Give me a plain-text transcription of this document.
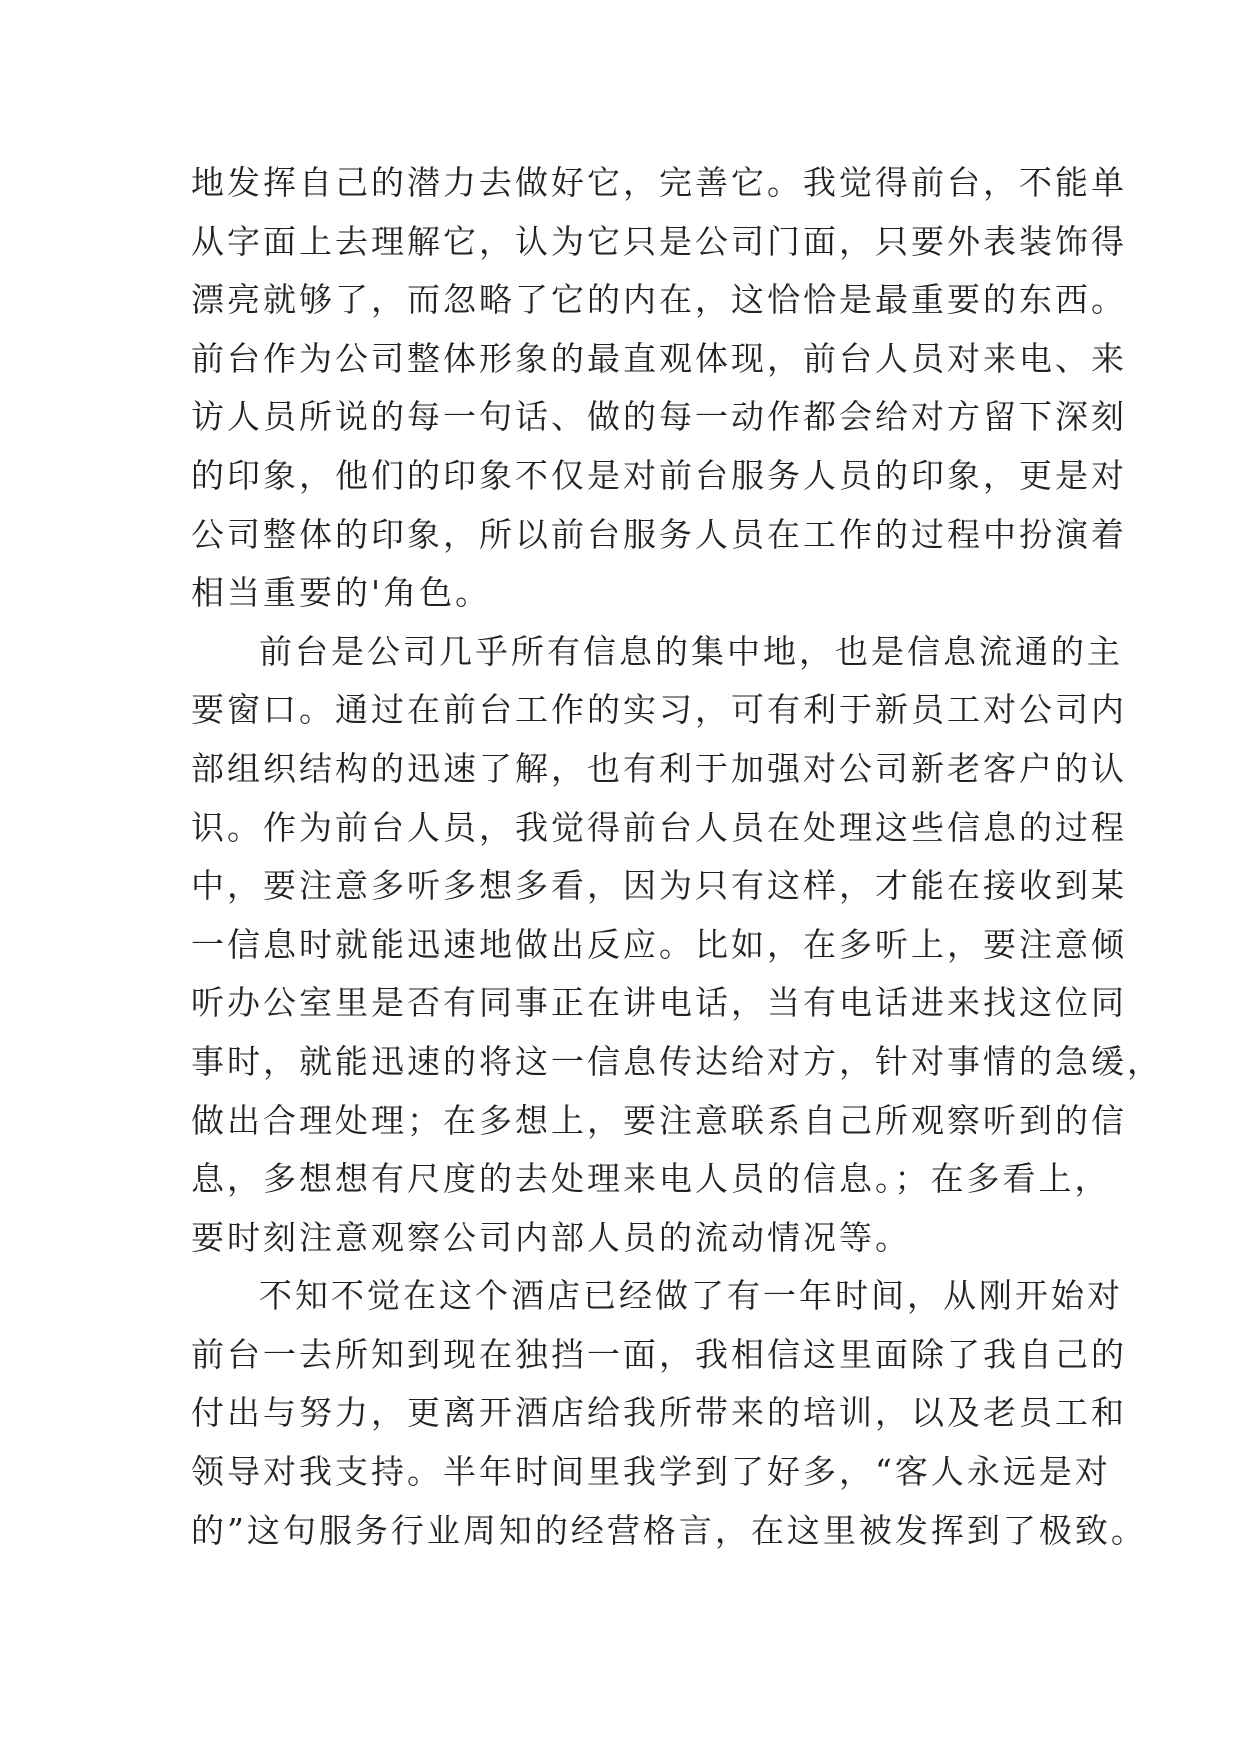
地发挥自己的潜力去做好它，完善它。我觉得前台，不能单
从字面上去理解它，认为它只是公司门面，只要外表装饰得
漂亮就够了，而忽略了它的内在，这恰恰是最重要的东西。
前台作为公司整体形象的最直观体现，前台人员对来电、来
访人员所说的每一句话、做的每一动作都会给对方留下深刻
的印象，他们的印象不仅是对前台服务人员的印象，更是对
公司整体的印象，所以前台服务人员在工作的过程中扮演着
相当重要的'角色。
前台是公司几乎所有信息的集中地，也是信息流通的主
要窗口。通过在前台工作的实习，可有利于新员工对公司内
部组织结构的迅速了解，也有利于加强对公司新老客户的认
识。作为前台人员，我觉得前台人员在处理这些信息的过程
中，要注意多听多想多看，因为只有这样，才能在接收到某
一信息时就能迅速地做出反应。比如，在多听上，要注意倾
听办公室里是否有同事正在讲电话，当有电话进来找这位同
事时，就能迅速的将这一信息传达给对方，针对事情的急缓，
做出合理处理；在多想上，要注意联系自己所观察听到的信
息，多想想有尺度的去处理来电人员的信息。；在多看上，
要时刻注意观察公司内部人员的流动情况等。
不知不觉在这个酒店已经做了有一年时间，从刚开始对
前台一去所知到现在独挡一面，我相信这里面除了我自己的
付出与努力，更离开酒店给我所带来的培训，以及老员工和
领导对我支持。半年时间里我学到了好多，“客人永远是对
的”这句服务行业周知的经营格言，在这里被发挥到了极致。
